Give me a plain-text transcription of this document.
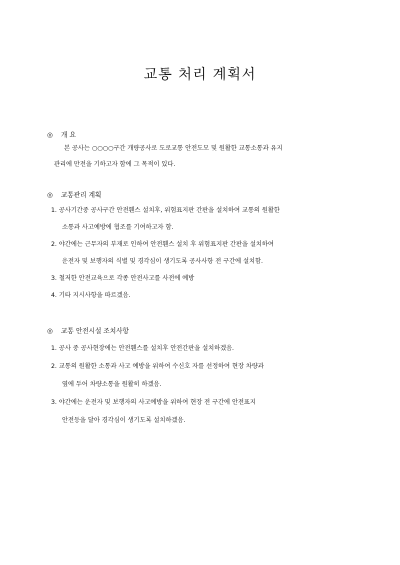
교통 처리 계획서
◎ 개 요
본 공사는 ○○○○구간 개량공사로 도로교통 안전도모 및 원활한 교통소통과 유지
관리에 만전을 기하고자 함에 그 목적이 있다.
◎ 교통관리 계획
1. 공사기간중 공사구간 안전휀스 설치후, 위험표지판 간판을 설치하여 교통의 원활한
소통과 사고예방에 협조를 기여하고자 함.
2. 야간에는 근무자의 부재로 인하여 안전휀스 설치 후 위험표지판 간판을 설치하여
운전자 및 보행자의 식별 및 경각심이 생기도록 공사사항 전 구간에 설치함.
3. 철저한 안전교육으로 각종 안전사고를 사전에 예방
4. 기타 지시사항을 따르겠음.
◎ 교통 안전시설 조치사항
1. 공사 중 공사현장에는 안전휀스를 설치후 안전간판을 설치하겠음.
2. 교통의 원활한 소통과 사고 예방을 위하여 수신호 자를 선정하여 현장 차량과
옆에 두어 차량소통을 원활히 하겠음.
3. 야간에는 운전자 및 보행자의 사고예방을 위하여 현장 전 구간에 안전표지
안전등을 달아 경각심이 생기도록 설치하겠음.
